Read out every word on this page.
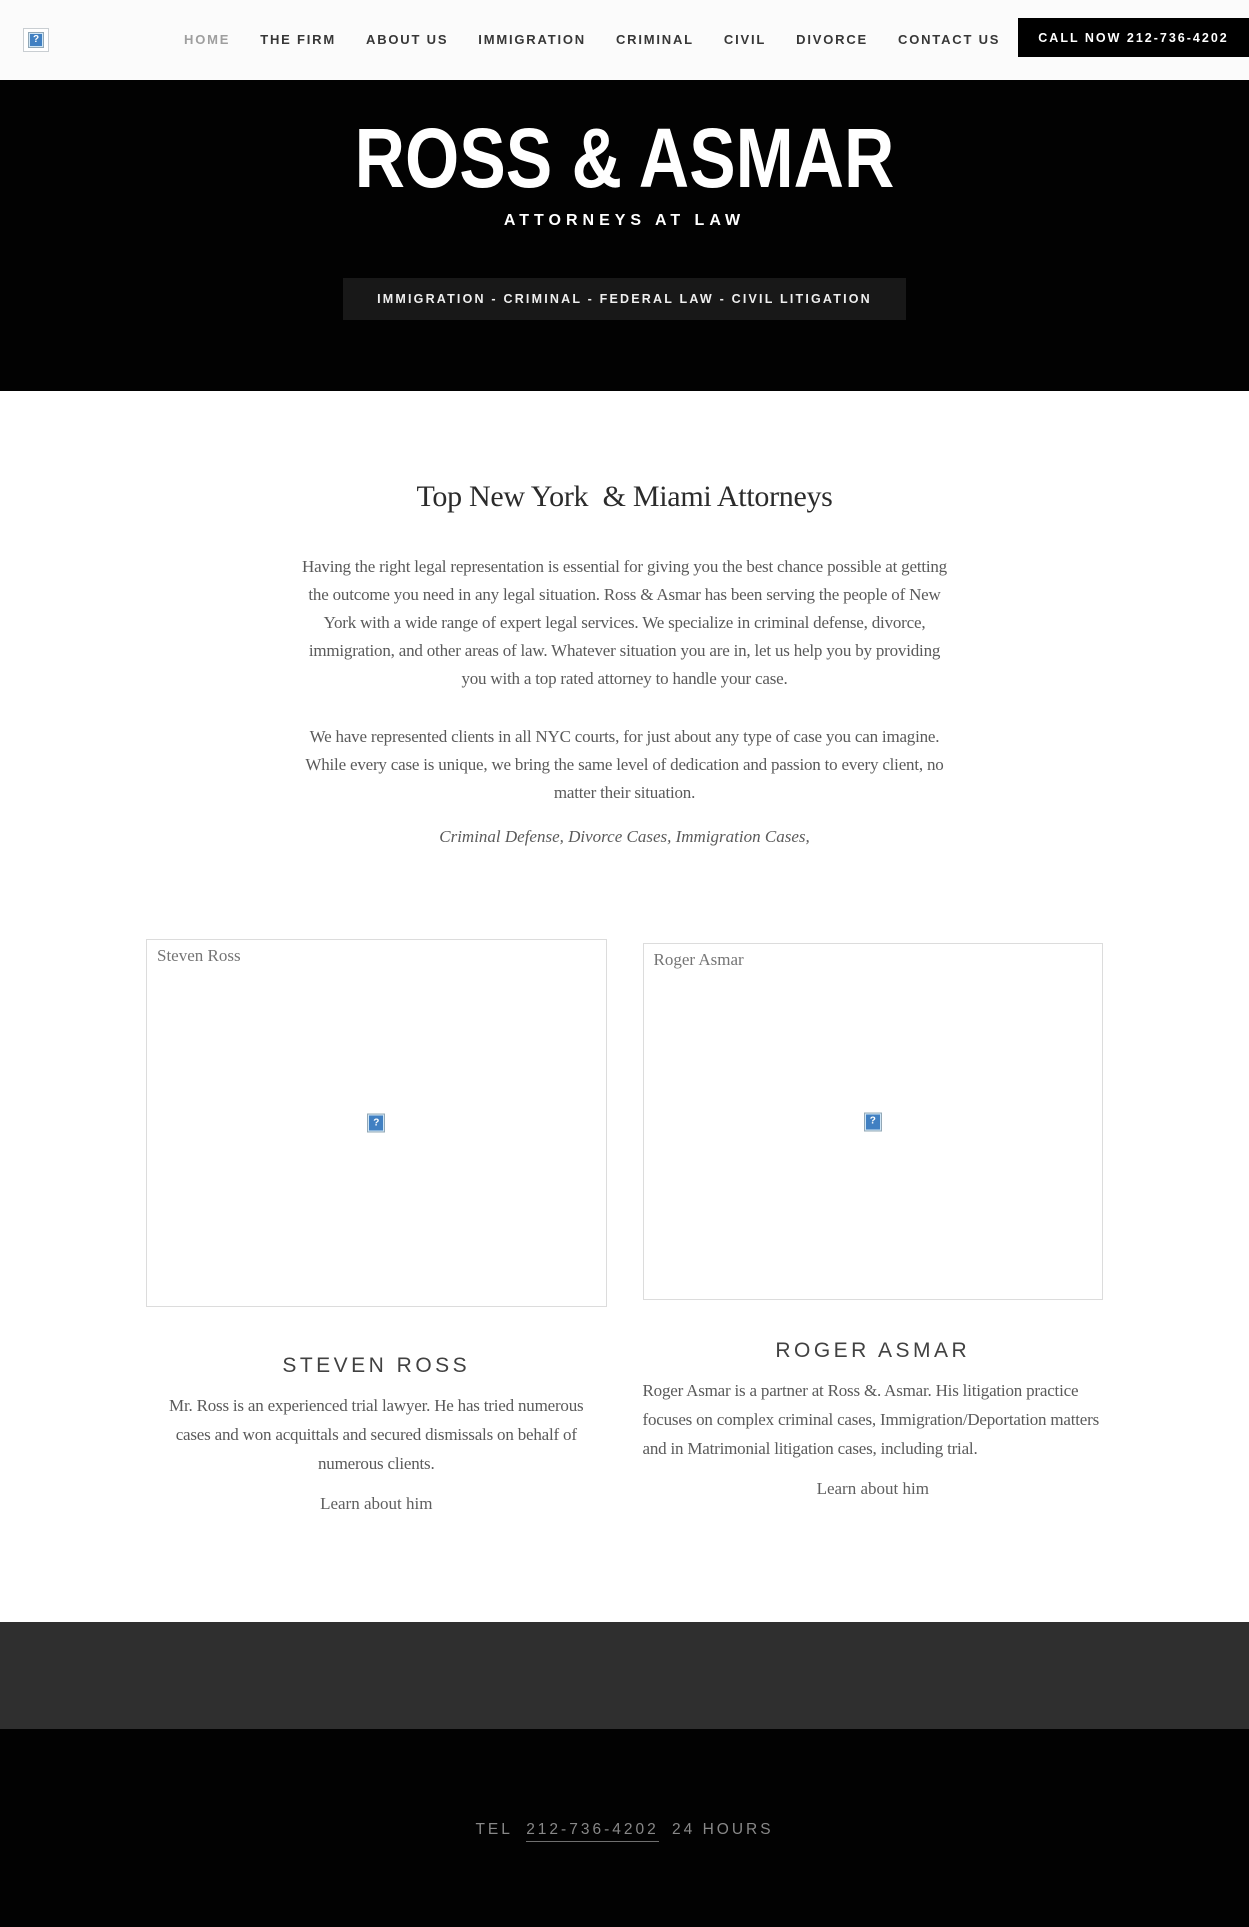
?	HOME THE FIRM ABOUT US IMMIGRATION CRIMINAL CIVIL DIVORCE CONTACT US	CALL NOW 212-736-4202
ROSS & ASMAR
ATTORNEYS AT LAW
IMMIGRATION - CRIMINAL - FEDERAL LAW - CIVIL LITIGATION
Top New York  & Miami Attorneys

Having the right legal representation is essential for giving you the best chance possible at getting the outcome you need in any legal situation. Ross & Asmar has been serving the people of New York with a wide range of expert legal services. We specialize in criminal defense, divorce, immigration, and other areas of law. Whatever situation you are in, let us help you by providing you with a top rated attorney to handle your case.

We have represented clients in all NYC courts, for just about any type of case you can imagine. While every case is unique, we bring the same level of dedication and passion to every client, no matter their situation.

Criminal Defense, Divorce Cases, Immigration Cases,

Steven Ross
?
STEVEN ROSS

Mr. Ross is an experienced trial lawyer. He has tried numerous cases and won acquittals and secured dismissals on behalf of numerous clients.

Learn about him
Roger Asmar
?
ROGER ASMAR

Roger Asmar is a partner at Ross &. Asmar. His litigation practice focuses on complex criminal cases, Immigration/Deportation matters and in Matrimonial litigation cases, including trial.

Learn about him
TEL 212-736-4202 24 HOURS
